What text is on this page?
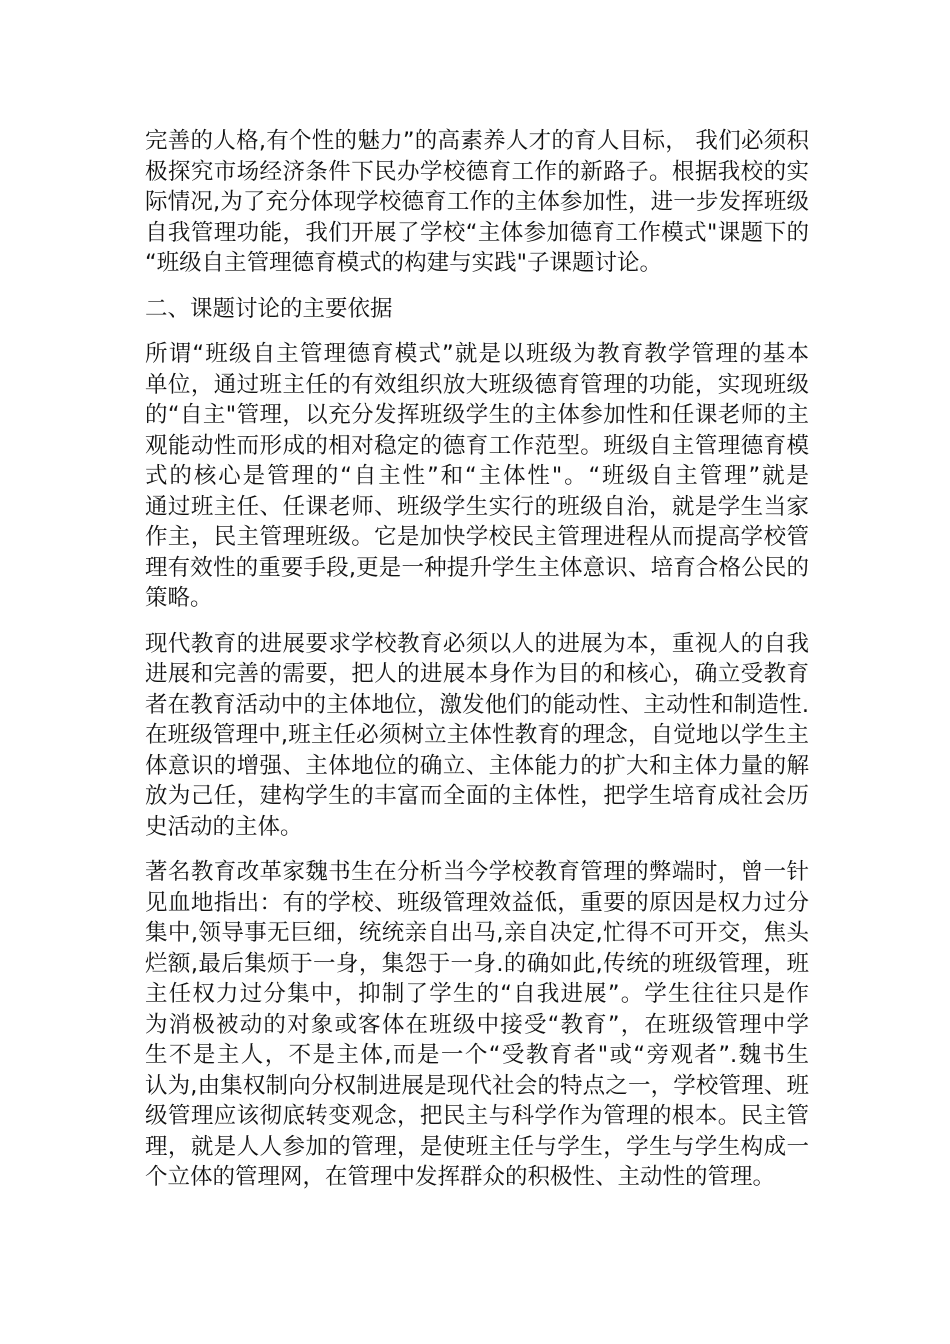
完善的人格,有个性的魅力”的高素养人才的育人目标， 我们必须积
极探究市场经济条件下民办学校德育工作的新路子。根据我校的实
际情况,为了充分体现学校德育工作的主体参加性，进一步发挥班级
自我管理功能，我们开展了学校“主体参加德育工作模式"课题下的
“班级自主管理德育模式的构建与实践"子课题讨论。
二、课题讨论的主要依据
所谓“班级自主管理德育模式”就是以班级为教育教学管理的基本
单位，通过班主任的有效组织放大班级德育管理的功能，实现班级
的“自主"管理，以充分发挥班级学生的主体参加性和任课老师的主
观能动性而形成的相对稳定的德育工作范型。班级自主管理德育模
式的核心是管理的“自主性”和“主体性"。“班级自主管理”就是
通过班主任、任课老师、班级学生实行的班级自治，就是学生当家
作主，民主管理班级。它是加快学校民主管理进程从而提高学校管
理有效性的重要手段,更是一种提升学生主体意识、培育合格公民的
策略。
现代教育的进展要求学校教育必须以人的进展为本，重视人的自我
进展和完善的需要，把人的进展本身作为目的和核心，确立受教育
者在教育活动中的主体地位，激发他们的能动性、主动性和制造性.
在班级管理中,班主任必须树立主体性教育的理念，自觉地以学生主
体意识的增强、主体地位的确立、主体能力的扩大和主体力量的解
放为己任，建构学生的丰富而全面的主体性，把学生培育成社会历
史活动的主体。
著名教育改革家魏书生在分析当今学校教育管理的弊端时，曾一针
见血地指出：有的学校、班级管理效益低，重要的原因是权力过分
集中,领导事无巨细，统统亲自出马,亲自决定,忙得不可开交，焦头
烂额,最后集烦于一身，集怨于一身.的确如此,传统的班级管理，班
主任权力过分集中，抑制了学生的“自我进展”。学生往往只是作
为消极被动的对象或客体在班级中接受“教育”，在班级管理中学
生不是主人，不是主体,而是一个“受教育者"或“旁观者”.魏书生
认为,由集权制向分权制进展是现代社会的特点之一，学校管理、班
级管理应该彻底转变观念，把民主与科学作为管理的根本。民主管
理，就是人人参加的管理，是使班主任与学生，学生与学生构成一
个立体的管理网，在管理中发挥群众的积极性、主动性的管理。
